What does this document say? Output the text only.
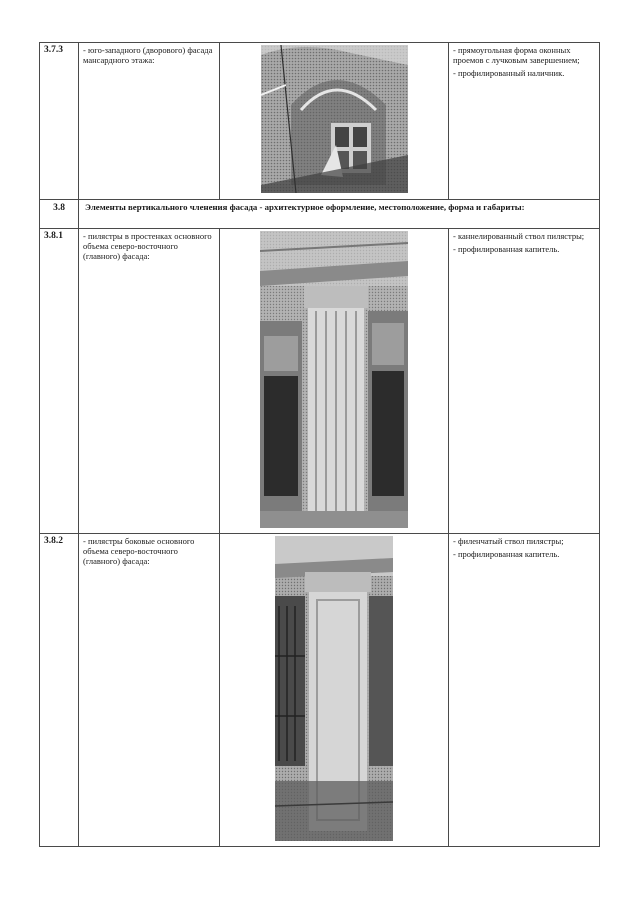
3.7.3	- юго-западного (дворового) фасада мансардного этажа:		- прямоугольная форма оконных проемов с лучковым завершением;

- профилированный наличник.

3.8	Элементы вертикального членения фасада - архитектурное оформление, местоположение, форма и габариты:		
3.8.1	- пилястры в простенках основного объема северо-восточного (главного) фасада:		- каннелированный ствол пилястры;

- профилированная капитель.

3.8.2	- пилястры боковые основного объема северо-восточного (главного) фасада:		- филенчатый ствол пилястры;

- профилированная капитель.
